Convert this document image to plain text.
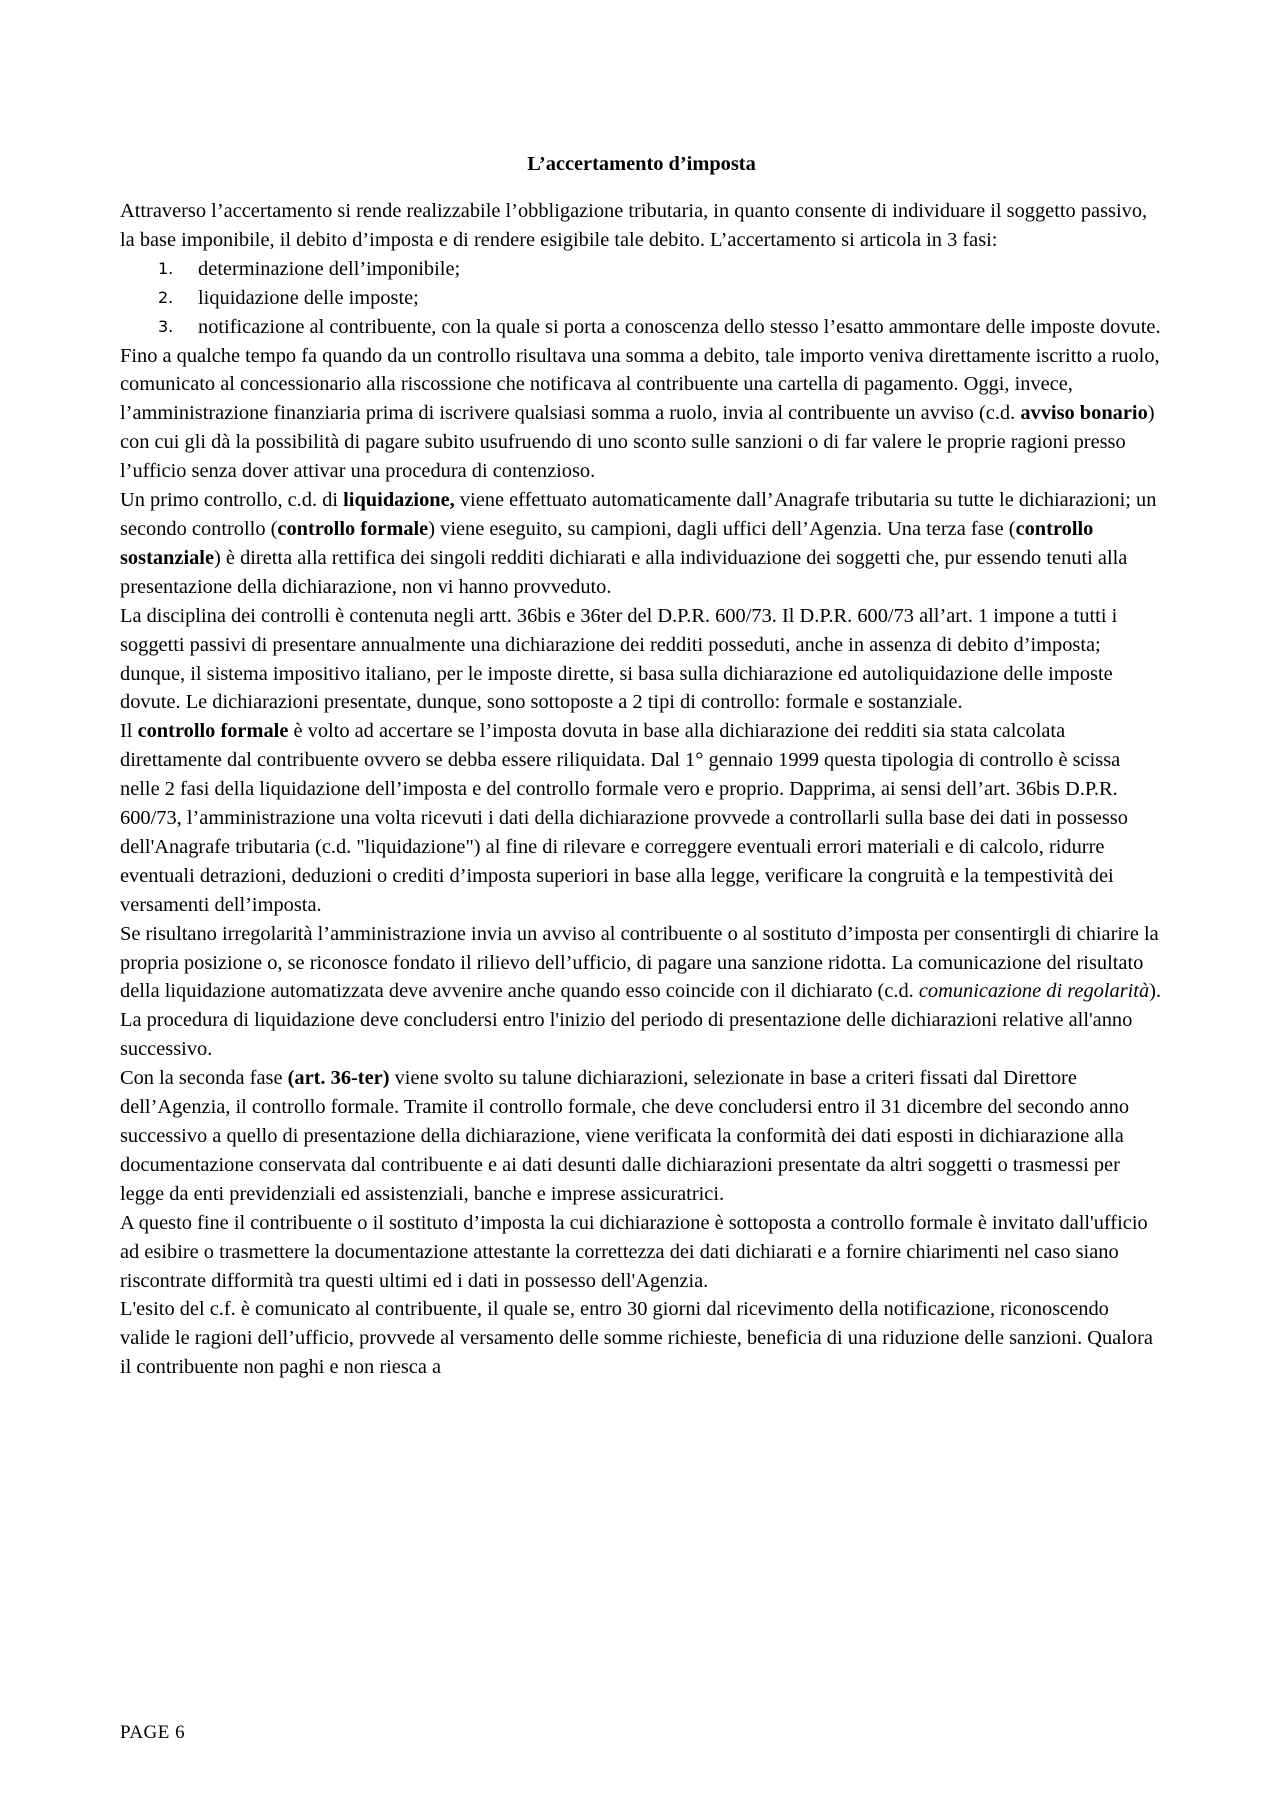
L’accertamento d’imposta

Attraverso l’accertamento si rende realizzabile l’obbligazione tributaria, in quanto consente di individuare il soggetto passivo, la base imponibile, il debito d’imposta e di rendere esigibile tale debito. L’accertamento si articola in 3 fasi:

1. determinazione dell’imponibile;
2. liquidazione delle imposte;
3. notificazione al contribuente, con la quale si porta a conoscenza dello stesso l’esatto ammontare delle imposte dovute.

Fino a qualche tempo fa quando da un controllo risultava una somma a debito, tale importo veniva direttamente iscritto a ruolo, comunicato al concessionario alla riscossione che notificava al contribuente una cartella di pagamento. Oggi, invece, l’amministrazione finanziaria prima di iscrivere qualsiasi somma a ruolo, invia al contribuente un avviso (c.d. avviso bonario) con cui gli dà la possibilità di pagare subito usufruendo di uno sconto sulle sanzioni o di far valere le proprie ragioni presso l’ufficio senza dover attivar una procedura di contenzioso.

Un primo controllo, c.d. di liquidazione, viene effettuato automaticamente dall’Anagrafe tributaria su tutte le dichiarazioni; un secondo controllo (controllo formale) viene eseguito, su campioni, dagli uffici dell’Agenzia. Una terza fase (controllo sostanziale) è diretta alla rettifica dei singoli redditi dichiarati e alla individuazione dei soggetti che, pur essendo tenuti alla presentazione della dichiarazione, non vi hanno provveduto.

La disciplina dei controlli è contenuta negli artt. 36bis e 36ter del D.P.R. 600/73. Il D.P.R. 600/73 all’art. 1 impone a tutti i soggetti passivi di presentare annualmente una dichiarazione dei redditi posseduti, anche in assenza di debito d’imposta; dunque, il sistema impositivo italiano, per le imposte dirette, si basa sulla dichiarazione ed autoliquidazione delle imposte dovute. Le dichiarazioni presentate, dunque, sono sottoposte a 2 tipi di controllo: formale e sostanziale.

Il controllo formale è volto ad accertare se l’imposta dovuta in base alla dichiarazione dei redditi sia stata calcolata direttamente dal contribuente ovvero se debba essere riliquidata. Dal 1° gennaio 1999 questa tipologia di controllo è scissa nelle 2 fasi della liquidazione dell’imposta e del controllo formale vero e proprio. Dapprima, ai sensi dell’art. 36bis D.P.R. 600/73, l’amministrazione una volta ricevuti i dati della dichiarazione provvede a controllarli sulla base dei dati in possesso dell'Anagrafe tributaria (c.d. "liquidazione") al fine di rilevare e correggere eventuali errori materiali e di calcolo, ridurre eventuali detrazioni, deduzioni o crediti d’imposta superiori in base alla legge, verificare la congruità e la tempestività dei versamenti dell’imposta.

Se risultano irregolarità l’amministrazione invia un avviso al contribuente o al sostituto d’imposta per consentirgli di chiarire la propria posizione o, se riconosce fondato il rilievo dell’ufficio, di pagare una sanzione ridotta. La comunicazione del risultato della liquidazione automatizzata deve avvenire anche quando esso coincide con il dichiarato (c.d. comunicazione di regolarità). La procedura di liquidazione deve concludersi entro l'inizio del periodo di presentazione delle dichiarazioni relative all'anno successivo.

Con la seconda fase (art. 36-ter) viene svolto su talune dichiarazioni, selezionate in base a criteri fissati dal Direttore dell’Agenzia, il controllo formale. Tramite il controllo formale, che deve concludersi entro il 31 dicembre del secondo anno successivo a quello di presentazione della dichiarazione, viene verificata la conformità dei dati esposti in dichiarazione alla documentazione conservata dal contribuente e ai dati desunti dalle dichiarazioni presentate da altri soggetti o trasmessi per legge da enti previdenziali ed assistenziali, banche e imprese assicuratrici.

A questo fine il contribuente o il sostituto d’imposta la cui dichiarazione è sottoposta a controllo formale è invitato dall'ufficio ad esibire o trasmettere la documentazione attestante la correttezza dei dati dichiarati e a fornire chiarimenti nel caso siano riscontrate difformità tra questi ultimi ed i dati in possesso dell'Agenzia.

L'esito del c.f. è comunicato al contribuente, il quale se, entro 30 giorni dal ricevimento della notificazione, riconoscendo valide le ragioni dell’ufficio, provvede al versamento delle somme richieste, beneficia di una riduzione delle sanzioni. Qualora il contribuente non paghi e non riesca a

PAGE 6
